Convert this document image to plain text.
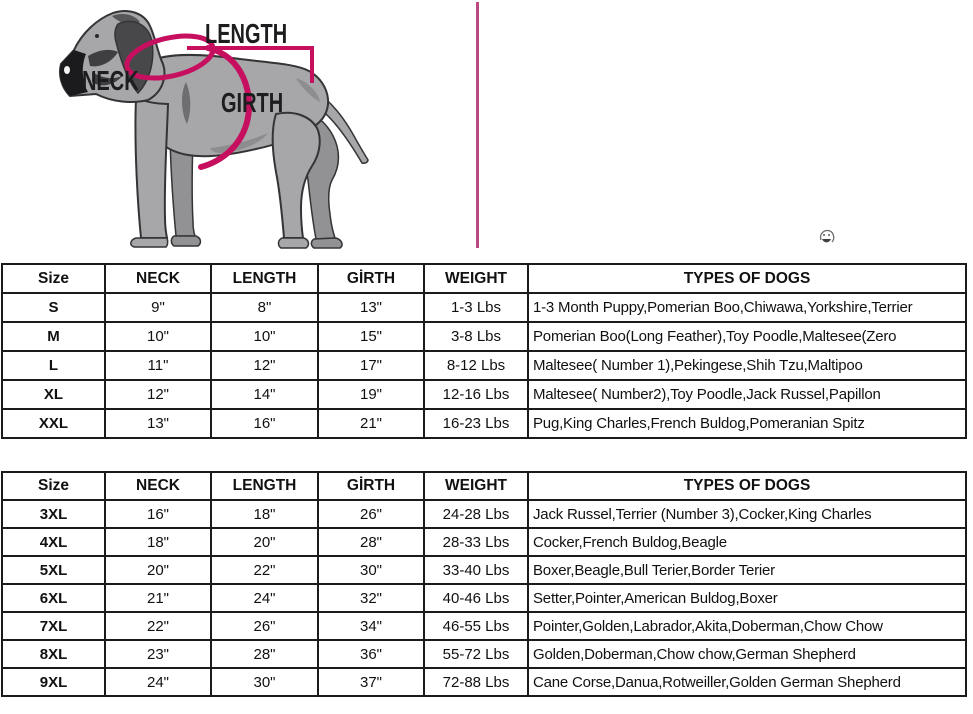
LENGTH
NECK
GIRTH
Size	NECK	LENGTH	GİRTH	WEIGHT	TYPES OF DOGS
S	9"	8"	13"	1-3 Lbs	1-3 Month Puppy,Pomerian Boo,Chiwawa,Yorkshire,Terrier
M	10"	10"	15"	3-8 Lbs	Pomerian Boo(Long Feather),Toy Poodle,Maltesee(Zero
L	11"	12"	17"	8-12 Lbs	Maltesee( Number 1),Pekingese,Shih Tzu,Maltipoo
XL	12"	14"	19"	12-16 Lbs	Maltesee( Number2),Toy Poodle,Jack Russel,Papillon
XXL	13"	16"	21"	16-23 Lbs	Pug,King Charles,French Buldog,Pomeranian Spitz
Size	NECK	LENGTH	GİRTH	WEIGHT	TYPES OF DOGS
3XL	16"	18"	26"	24-28 Lbs	Jack Russel,Terrier (Number 3),Cocker,King Charles
4XL	18"	20"	28"	28-33 Lbs	Cocker,French Buldog,Beagle
5XL	20"	22"	30"	33-40 Lbs	Boxer,Beagle,Bull Terier,Border Terier
6XL	21"	24"	32"	40-46 Lbs	Setter,Pointer,American Buldog,Boxer
7XL	22"	26"	34"	46-55 Lbs	Pointer,Golden,Labrador,Akita,Doberman,Chow Chow
8XL	23"	28"	36"	55-72 Lbs	Golden,Doberman,Chow chow,German Shepherd
9XL	24"	30"	37"	72-88 Lbs	Cane Corse,Danua,Rotweiller,Golden German Shepherd
